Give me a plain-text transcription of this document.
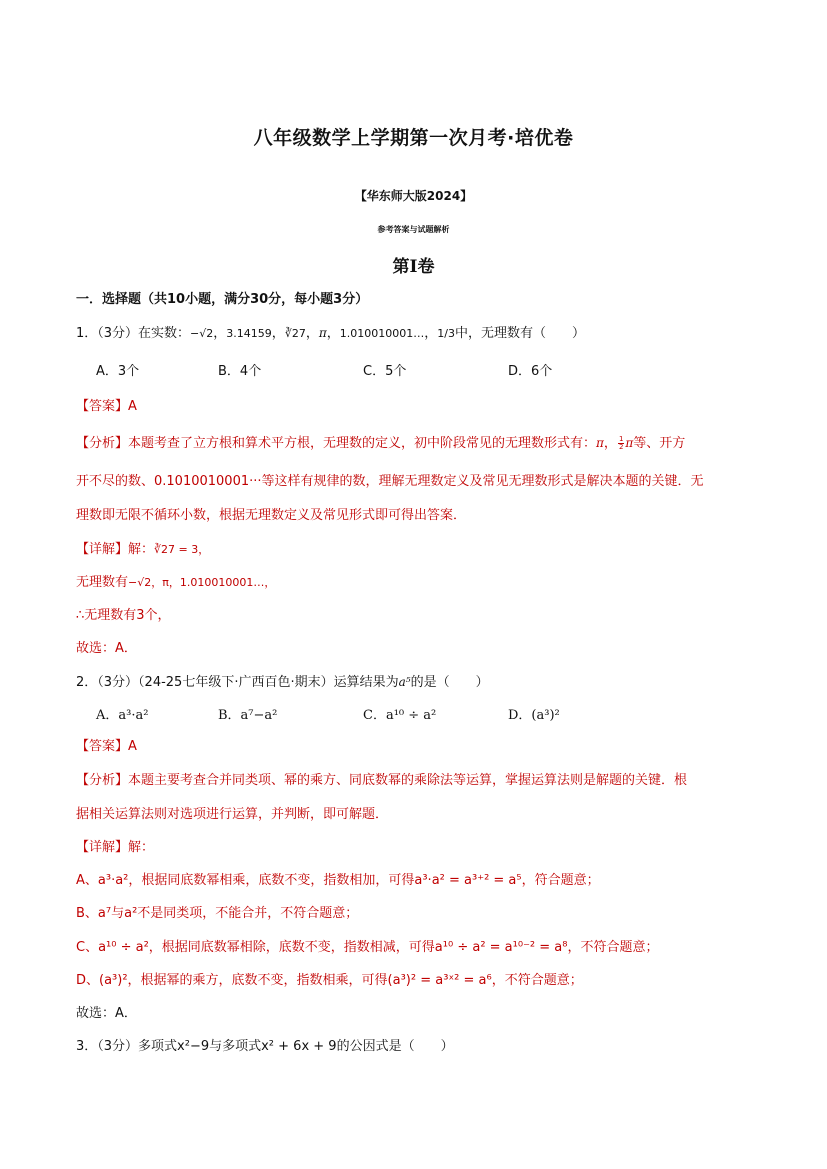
八年级数学上学期第一次月考·培优卷
【华东师大版2024】
参考答案与试题解析
第I卷
一．选择题（共10小题，满分30分，每小题3分）
1．（3分）在实数：−√2，3.14159，∛27，π，1.010010001…，1/3中，无理数有（　　）
A．3个	B．4个	C．5个	D．6个
【答案】A
【分析】本题考查了立方根和算术平方根，无理数的定义，初中阶段常见的无理数形式有：π， $\frac{1}{2}$ π等、开方
开不尽的数、0.1010010001···等这样有规律的数，理解无理数定义及常见无理数形式是解决本题的关键．无
理数即无限不循环小数，根据无理数定义及常见形式即可得出答案．
【详解】解：∛27 = 3，
无理数有−√2，π，1.010010001…，
∴无理数有3个，
故选：A．
2．（3分）（24-25七年级下·广西百色·期末）运算结果为a⁵的是（　　）
A．a³·a²	B．a⁷−a²	C．a¹⁰ ÷ a²	D．(a³)²
【答案】A
【分析】本题主要考查合并同类项、幂的乘方、同底数幂的乘除法等运算，掌握运算法则是解题的关键．根
据相关运算法则对选项进行运算，并判断，即可解题．
【详解】解：
A、a³·a²，根据同底数幂相乘，底数不变，指数相加，可得a³·a² = a³⁺² = a⁵，符合题意；
B、a⁷与a²不是同类项，不能合并，不符合题意；
C、a¹⁰ ÷ a²，根据同底数幂相除，底数不变，指数相减，可得a¹⁰ ÷ a² = a¹⁰⁻² = a⁸，不符合题意；
D、(a³)²，根据幂的乘方，底数不变，指数相乘，可得(a³)² = a³ˣ² = a⁶，不符合题意；
故选：A．
3．（3分）多项式x²−9与多项式x² + 6x + 9的公因式是（　　）
